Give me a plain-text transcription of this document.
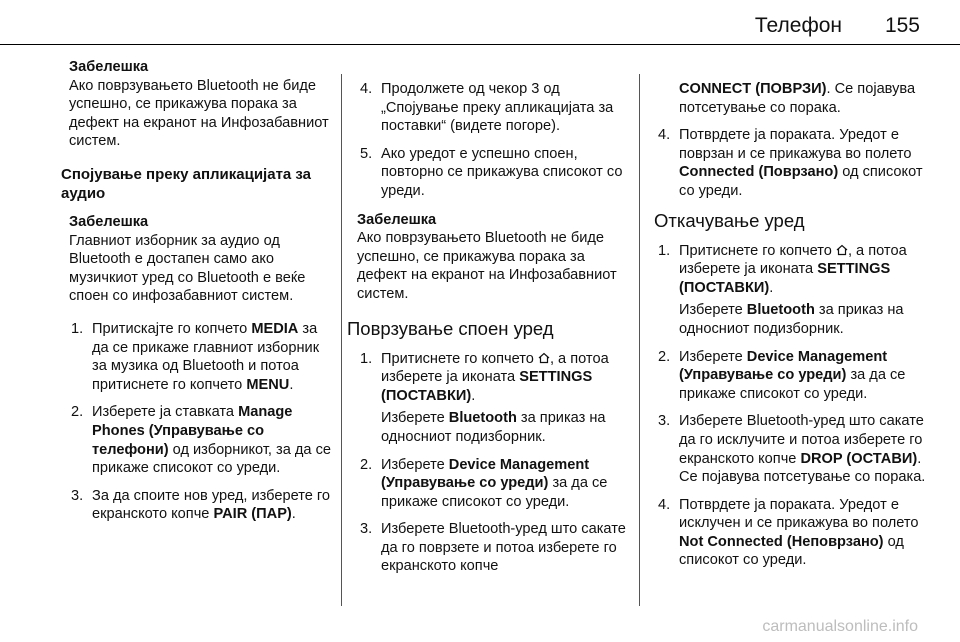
Телефон 155
Забелешка
Ако поврзувањето Bluetooth не биде успешно, се прикажува порака за дефект на екранот на Инфозабавниот систем.
Спојување преку апликацијата за аудио
Забелешка
Главниот изборник за аудио од Bluetooth е достапен само ако музичкиот уред со Bluetooth е веќе споен со инфозабавниот систем.
1. Притискајте го копчето MEDIA за да се прикаже главниот изборник за музика од Bluetooth и потоа притиснете го копчето MENU.
2. Изберете ја ставката Manage Phones (Управување со телефони) од изборникот, за да се прикаже списокот со уреди.
3. За да споите нов уред, изберете го екранското копче PAIR (ПАР).
4. Продолжете од чекор 3 од „Спојување преку апликацијата за поставки“ (видете погоре).
5. Ако уредот е успешно споен, повторно се прикажува списокот со уреди.
Забелешка
Ако поврзувањето Bluetooth не биде успешно, се прикажува порака за дефект на екранот на Инфозабавниот систем.
Поврзување споен уред
1. Притиснете го копчето , а потоа изберете ја иконата SETTINGS (ПОСТАВКИ).
Изберете Bluetooth за приказ на односниот подизборник.
2. Изберете Device Management (Управување со уреди) за да се прикаже списокот со уреди.
3. Изберете Bluetooth-уред што сакате да го поврзете и потоа изберете го екранското копче
CONNECT (ПОВРЗИ). Се појавува потсетување со порака.
4. Потврдете ја пораката. Уредот е поврзан и се прикажува во полето Connected (Поврзано) од списокот со уреди.
Откачување уред
1. Притиснете го копчето , а потоа изберете ја иконата SETTINGS (ПОСТАВКИ).
Изберете Bluetooth за приказ на односниот подизборник.
2. Изберете Device Management (Управување со уреди) за да се прикаже списокот со уреди.
3. Изберете Bluetooth-уред што сакате да го исклучите и потоа изберете го екранското копче DROP (ОСТАВИ). Се појавува потсетување со порака.
4. Потврдете ја пораката. Уредот е исклучен и се прикажува во полето Not Connected (Неповрзано) од списокот со уреди.
carmanualsonline.info
